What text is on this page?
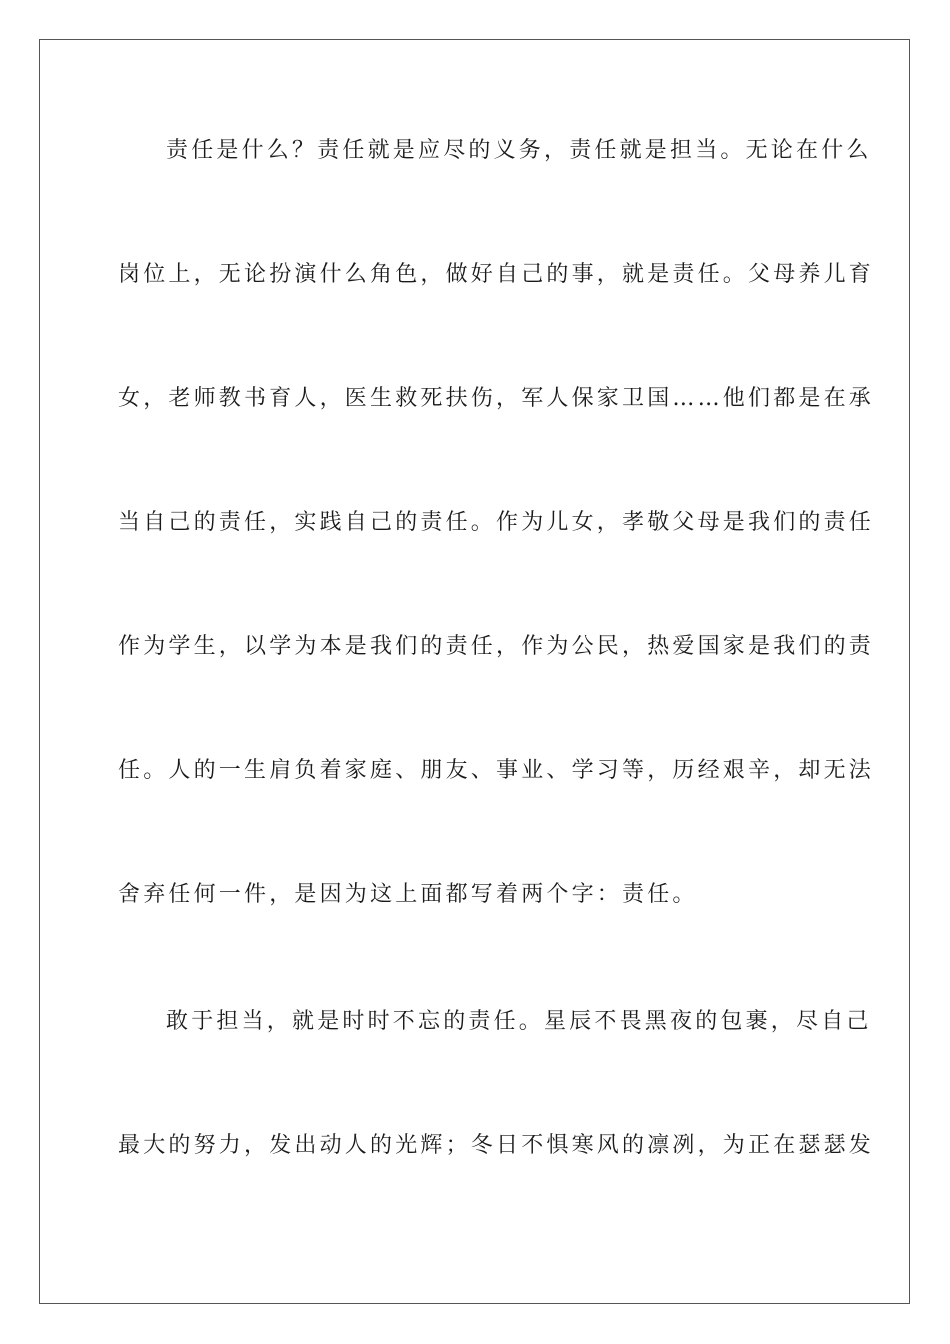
责任是什么？责任就是应尽的义务，责任就是担当。无论在什么
岗位上，无论扮演什么角色，做好自己的事，就是责任。父母养儿育
女，老师教书育人，医生救死扶伤，军人保家卫国……他们都是在承
当自己的责任，实践自己的责任。作为儿女，孝敬父母是我们的责任
作为学生，以学为本是我们的责任，作为公民，热爱国家是我们的责
任。人的一生肩负着家庭、朋友、事业、学习等，历经艰辛，却无法
舍弃任何一件，是因为这上面都写着两个字：责任。
敢于担当，就是时时不忘的责任。星辰不畏黑夜的包裹，尽自己
最大的努力，发出动人的光辉；冬日不惧寒风的凛冽，为正在瑟瑟发
